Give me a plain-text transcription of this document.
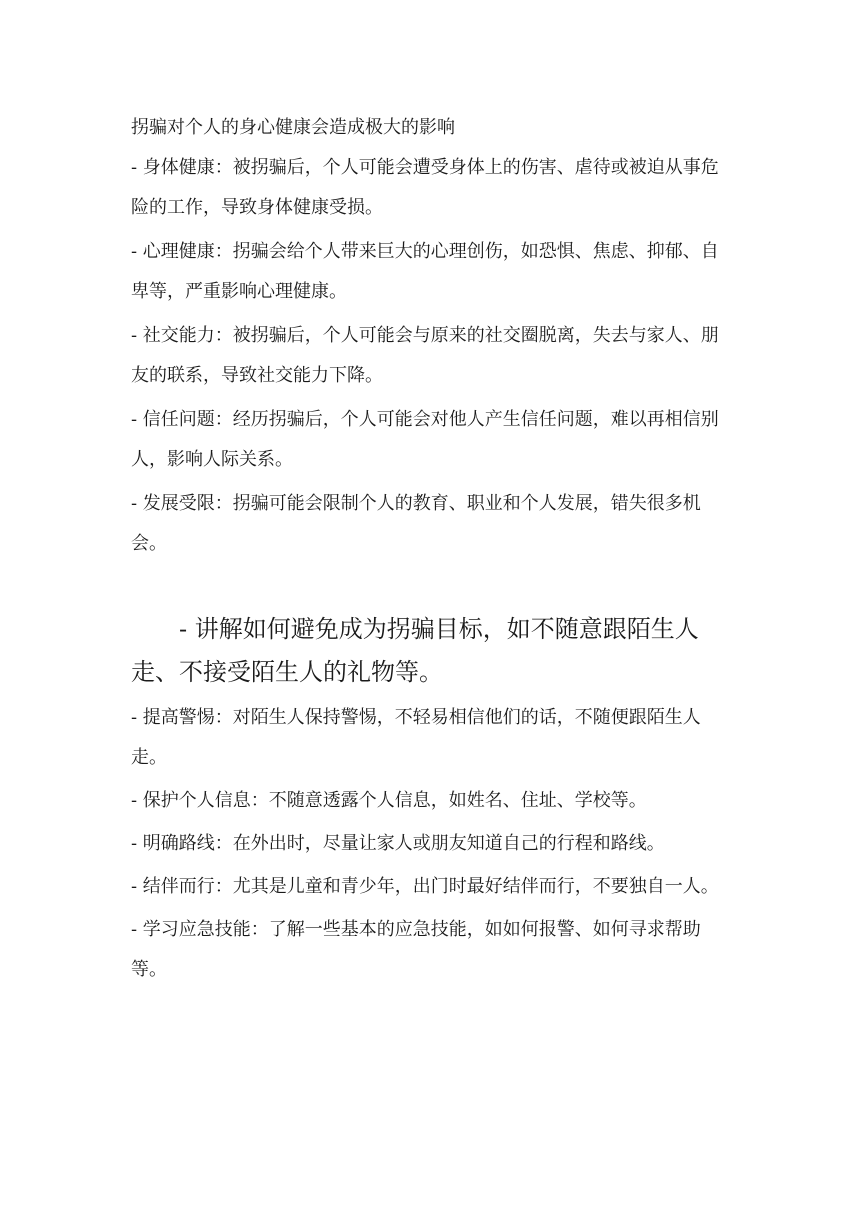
拐骗对个人的身心健康会造成极大的影响

- 身体健康：被拐骗后，个人可能会遭受身体上的伤害、虐待或被迫从事危险的工作，导致身体健康受损。

- 心理健康：拐骗会给个人带来巨大的心理创伤，如恐惧、焦虑、抑郁、自卑等，严重影响心理健康。

- 社交能力：被拐骗后，个人可能会与原来的社交圈脱离，失去与家人、朋友的联系，导致社交能力下降。

- 信任问题：经历拐骗后，个人可能会对他人产生信任问题，难以再相信别人，影响人际关系。

- 发展受限：拐骗可能会限制个人的教育、职业和个人发展，错失很多机会。

- 讲解如何避免成为拐骗目标，如不随意跟陌生人走、不接受陌生人的礼物等。

- 提高警惕：对陌生人保持警惕，不轻易相信他们的话，不随便跟陌生人走。

- 保护个人信息：不随意透露个人信息，如姓名、住址、学校等。

- 明确路线：在外出时，尽量让家人或朋友知道自己的行程和路线。

- 结伴而行：尤其是儿童和青少年，出门时最好结伴而行，不要独自一人。

- 学习应急技能：了解一些基本的应急技能，如如何报警、如何寻求帮助等。
